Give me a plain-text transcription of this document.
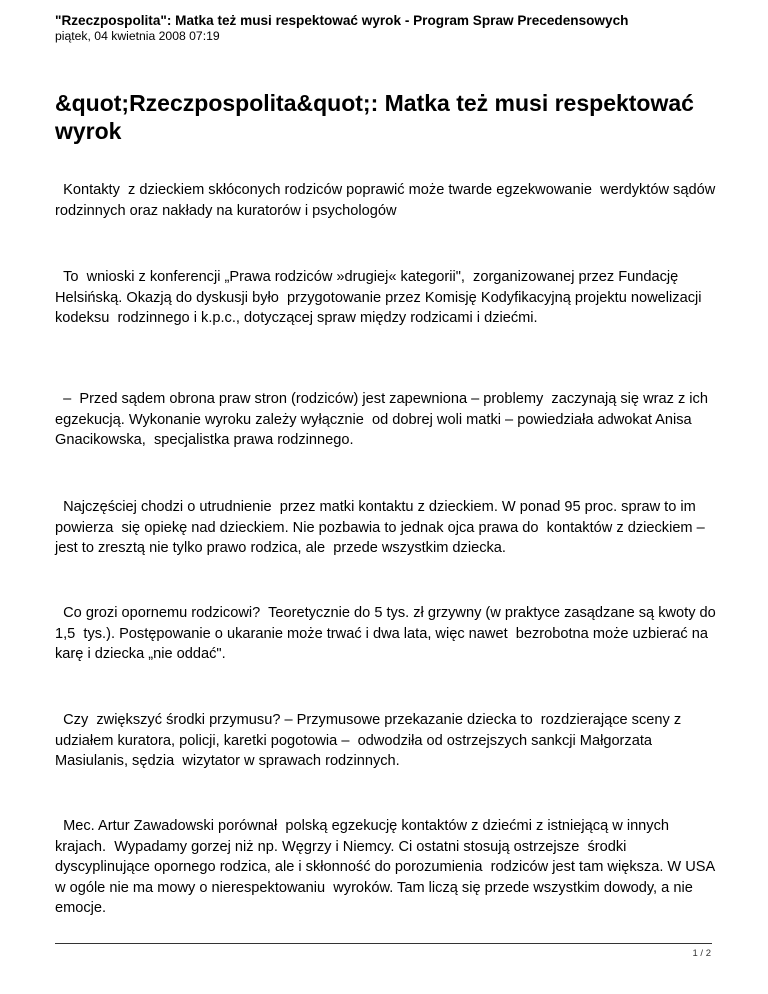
"Rzeczpospolita": Matka też musi respektować wyrok - Program Spraw Precedensowych
piątek, 04 kwietnia 2008 07:19
&quot;Rzeczpospolita&quot;: Matka też musi respektować wyrok

Kontakty  z dzieckiem skłóconych rodziców poprawić może twarde egzekwowanie  werdyktów sądów rodzinnych oraz nakłady na kuratorów i psychologów

To  wnioski z konferencji „Prawa rodziców »drugiej« kategorii",  zorganizowanej przez Fundację Helsińską. Okazją do dyskusji było  przygotowanie przez Komisję Kodyfikacyjną projektu nowelizacji kodeksu  rodzinnego i k.p.c., dotyczącej spraw między rodzicami i dziećmi.

–  Przed sądem obrona praw stron (rodziców) jest zapewniona – problemy  zaczynają się wraz z ich egzekucją. Wykonanie wyroku zależy wyłącznie  od dobrej woli matki – powiedziała adwokat Anisa Gnacikowska,  specjalistka prawa rodzinnego.

Najczęściej chodzi o utrudnienie  przez matki kontaktu z dzieckiem. W ponad 95 proc. spraw to im powierza  się opiekę nad dzieckiem. Nie pozbawia to jednak ojca prawa do  kontaktów z dzieckiem – jest to zresztą nie tylko prawo rodzica, ale  przede wszystkim dziecka.

Co grozi opornemu rodzicowi?  Teoretycznie do 5 tys. zł grzywny (w praktyce zasądzane są kwoty do 1,5  tys.). Postępowanie o ukaranie może trwać i dwa lata, więc nawet  bezrobotna może uzbierać na karę i dziecka „nie oddać".

Czy  zwiększyć środki przymusu? – Przymusowe przekazanie dziecka to  rozdzierające sceny z udziałem kuratora, policji, karetki pogotowia –  odwodziła od ostrzejszych sankcji Małgorzata Masiulanis, sędzia  wizytator w sprawach rodzinnych.

Mec. Artur Zawadowski porównał  polską egzekucję kontaktów z dziećmi z istniejącą w innych krajach.  Wypadamy gorzej niż np. Węgrzy i Niemcy. Ci ostatni stosują ostrzejsze  środki dyscyplinujące opornego rodzica, ale i skłonność do porozumienia  rodziców jest tam większa. W USA w ogóle nie ma mowy o nierespektowaniu  wyroków. Tam liczą się przede wszystkim dowody, a nie emocje.

1 / 2
